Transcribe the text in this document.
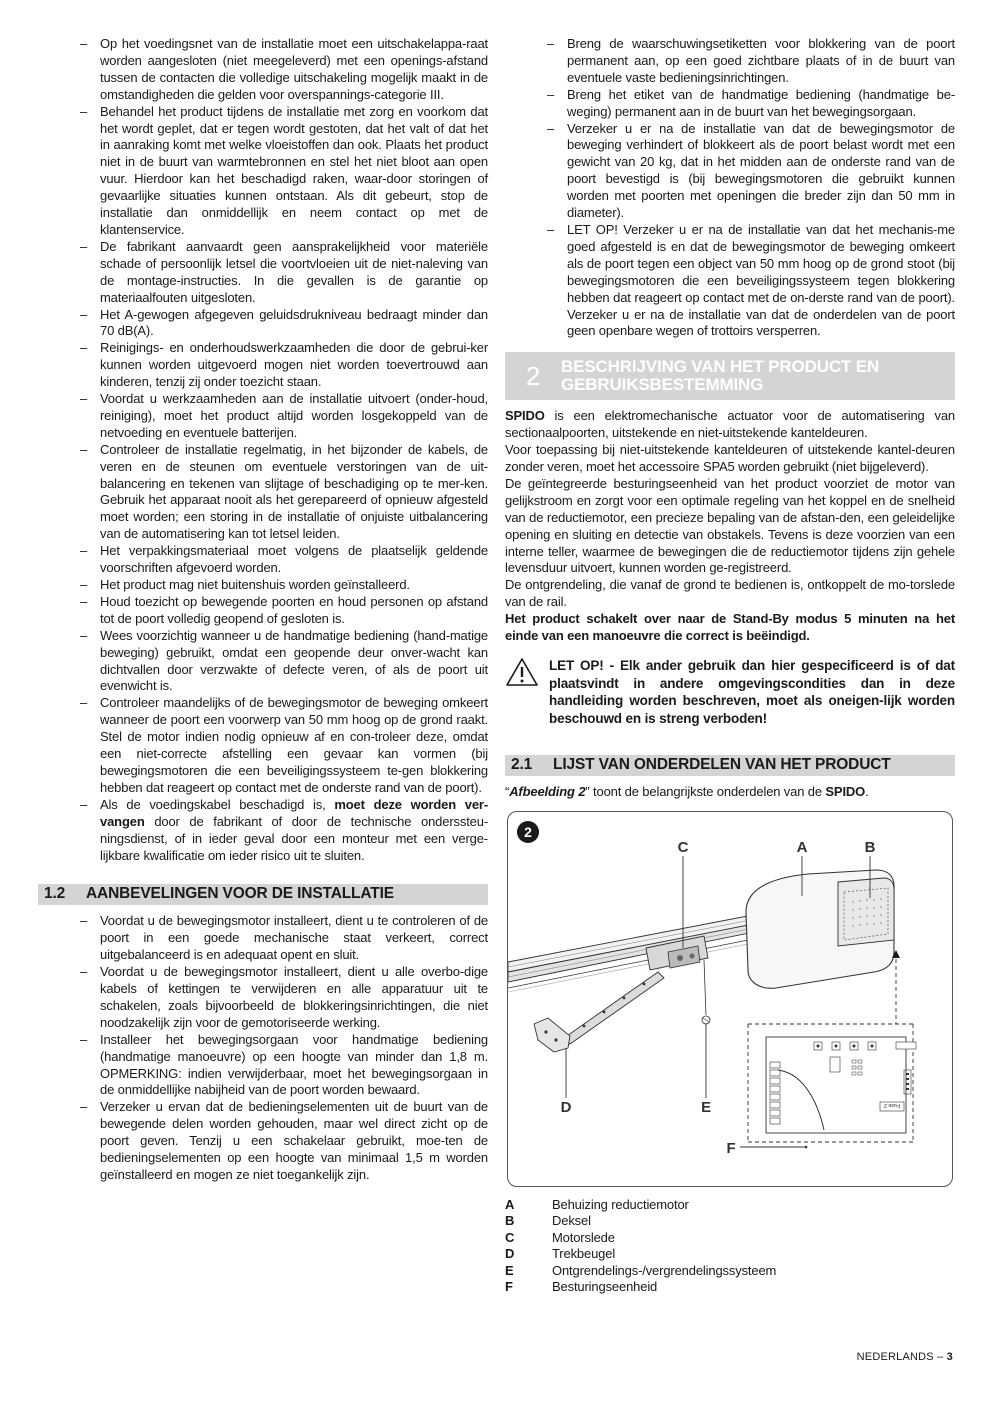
– Op het voedingsnet van de installatie moet een uitschakelappa-raat worden aangesloten (niet meegeleverd) met een openings-afstand tussen de contacten die volledige uitschakeling mogelijk maakt in de omstandigheden die gelden voor overspannings-categorie III.
– Behandel het product tijdens de installatie met zorg en voorkom dat het wordt geplet, dat er tegen wordt gestoten, dat het valt of dat het in aanraking komt met welke vloeistoffen dan ook. Plaats het product niet in de buurt van warmtebronnen en stel het niet bloot aan open vuur. Hierdoor kan het beschadigd raken, waar-door storingen of gevaarlijke situaties kunnen ontstaan. Als dit gebeurt, stop de installatie dan onmiddellijk en neem contact op met de klantenservice.
– De fabrikant aanvaardt geen aansprakelijkheid voor materiële schade of persoonlijk letsel die voortvloeien uit de niet-naleving van de montage-instructies. In die gevallen is de garantie op materiaalfouten uitgesloten.
– Het A-gewogen afgegeven geluidsdrukniveau bedraagt minder dan 70 dB(A).
– Reinigings- en onderhoudswerkzaamheden die door de gebrui-ker kunnen worden uitgevoerd mogen niet worden toevertrouwd aan kinderen, tenzij zij onder toezicht staan.
– Voordat u werkzaamheden aan de installatie uitvoert (onder-houd, reiniging), moet het product altijd worden losgekoppeld van de netvoeding en eventuele batterijen.
– Controleer de installatie regelmatig, in het bijzonder de kabels, de veren en de steunen om eventuele verstoringen van de uit-balancering en tekenen van slijtage of beschadiging op te mer-ken. Gebruik het apparaat nooit als het gerepareerd of opnieuw afgesteld moet worden; een storing in de installatie of onjuiste uitbalancering van de automatisering kan tot letsel leiden.
– Het verpakkingsmateriaal moet volgens de plaatselijk geldende voorschriften afgevoerd worden.
– Het product mag niet buitenshuis worden geïnstalleerd.
– Houd toezicht op bewegende poorten en houd personen op afstand tot de poort volledig geopend of gesloten is.
– Wees voorzichtig wanneer u de handmatige bediening (hand-matige beweging) gebruikt, omdat een geopende deur onver-wacht kan dichtvallen door verzwakte of defecte veren, of als de poort uit evenwicht is.
– Controleer maandelijks of de bewegingsmotor de beweging omkeert wanneer de poort een voorwerp van 50 mm hoog op de grond raakt. Stel de motor indien nodig opnieuw af en con-troleer deze, omdat een niet-correcte afstelling een gevaar kan vormen (bij bewegingsmotoren die een beveiligingssysteem te-gen blokkering hebben dat reageert op contact met de onderste rand van de poort).
– Als de voedingskabel beschadigd is, moet deze worden ver-vangen door de fabrikant of door de technische onderssteu-ningsdienst, of in ieder geval door een monteur met een verge-lijkbare kwalificatie om ieder risico uit te sluiten.
1.2	AANBEVELINGEN VOOR DE INSTALLATIE
– Voordat u de bewegingsmotor installeert, dient u te controleren of de poort in een goede mechanische staat verkeert, correct uitgebalanceerd is en adequaat opent en sluit.
– Voordat u de bewegingsmotor installeert, dient u alle overbo-dige kabels of kettingen te verwijderen en alle apparatuur uit te schakelen, zoals bijvoorbeeld de blokkeringsinrichtingen, die niet noodzakelijk zijn voor de gemotoriseerde werking.
– Installeer het bewegingsorgaan voor handmatige bediening (handmatige manoeuvre) op een hoogte van minder dan 1,8 m. OPMERKING: indien verwijderbaar, moet het bewegingsorgaan in de onmiddellijke nabijheid van de poort worden bewaard.
– Verzeker u ervan dat de bedieningselementen uit de buurt van de bewegende delen worden gehouden, maar wel direct zicht op de poort geven. Tenzij u een schakelaar gebruikt, moe-ten de bedieningselementen op een hoogte van minimaal 1,5 m worden geïnstalleerd en mogen ze niet toegankelijk zijn.
– Breng de waarschuwingsetiketten voor blokkering van de poort permanent aan, op een goed zichtbare plaats of in de buurt van eventuele vaste bedieningsinrichtingen.
– Breng het etiket van de handmatige bediening (handmatige be-weging) permanent aan in de buurt van het bewegingsorgaan.
– Verzeker u er na de installatie van dat de bewegingsmotor de beweging verhindert of blokkeert als de poort belast wordt met een gewicht van 20 kg, dat in het midden aan de onderste rand van de poort bevestigd is (bij bewegingsmotoren die gebruikt kunnen worden met poorten met openingen die breder zijn dan 50 mm in diameter).
– LET OP! Verzeker u er na de installatie van dat het mechanis-me goed afgesteld is en dat de bewegingsmotor de beweging omkeert als de poort tegen een object van 50 mm hoog op de grond stoot (bij bewegingsmotoren die een beveiligingssysteem tegen blokkering hebben dat reageert op contact met de on-derste rand van de poort). Verzeker u er na de installatie van dat de onderdelen van de poort geen openbare wegen of trottoirs versperren.
2	BESCHRIJVING VAN HET PRODUCT EN
GEBRUIKSBESTEMMING

SPIDO is een elektromechanische actuator voor de automatisering van sectionaalpoorten, uitstekende en niet-uitstekende kanteldeuren.

Voor toepassing bij niet-uitstekende kanteldeuren of uitstekende kantel-deuren zonder veren, moet het accessoire SPA5 worden gebruikt (niet bijgeleverd).

De geïntegreerde besturingseenheid van het product voorziet de motor van gelijkstroom en zorgt voor een optimale regeling van het koppel en de snelheid van de reductiemotor, een precieze bepaling van de afstan-den, een geleidelijke opening en sluiting en detectie van obstakels. Tevens is deze voorzien van een interne teller, waarmee de bewegingen die de reductiemotor tijdens zijn gehele levensduur uitvoert, kunnen worden ge-registreerd.

De ontgrendeling, die vanaf de grond te bedienen is, ontkoppelt de mo-torslede van de rail.

Het product schakelt over naar de Stand-By modus 5 minuten na het einde van een manoeuvre die correct is beëindigd.

LET OP! - Elk ander gebruik dan hier gespecificeerd is of dat plaatsvindt in andere omgevingscondities dan in deze handleiding worden beschreven, moet als oneigen-lijk worden beschouwd en is streng verboden!
2.1	LIJST VAN ONDERDELEN VAN HET PRODUCT

“Afbeelding 2” toont de belangrijkste onderdelen van de SPIDO.

2
Fuse 2
C	A	B
D	E
F
A	Behuizing reductiemotor
B	Deksel
C	Motorslede
D	Trekbeugel
E	Ontgrendelings-/vergrendelingssysteem
F	Besturingseenheid
NEDERLANDS – 3
